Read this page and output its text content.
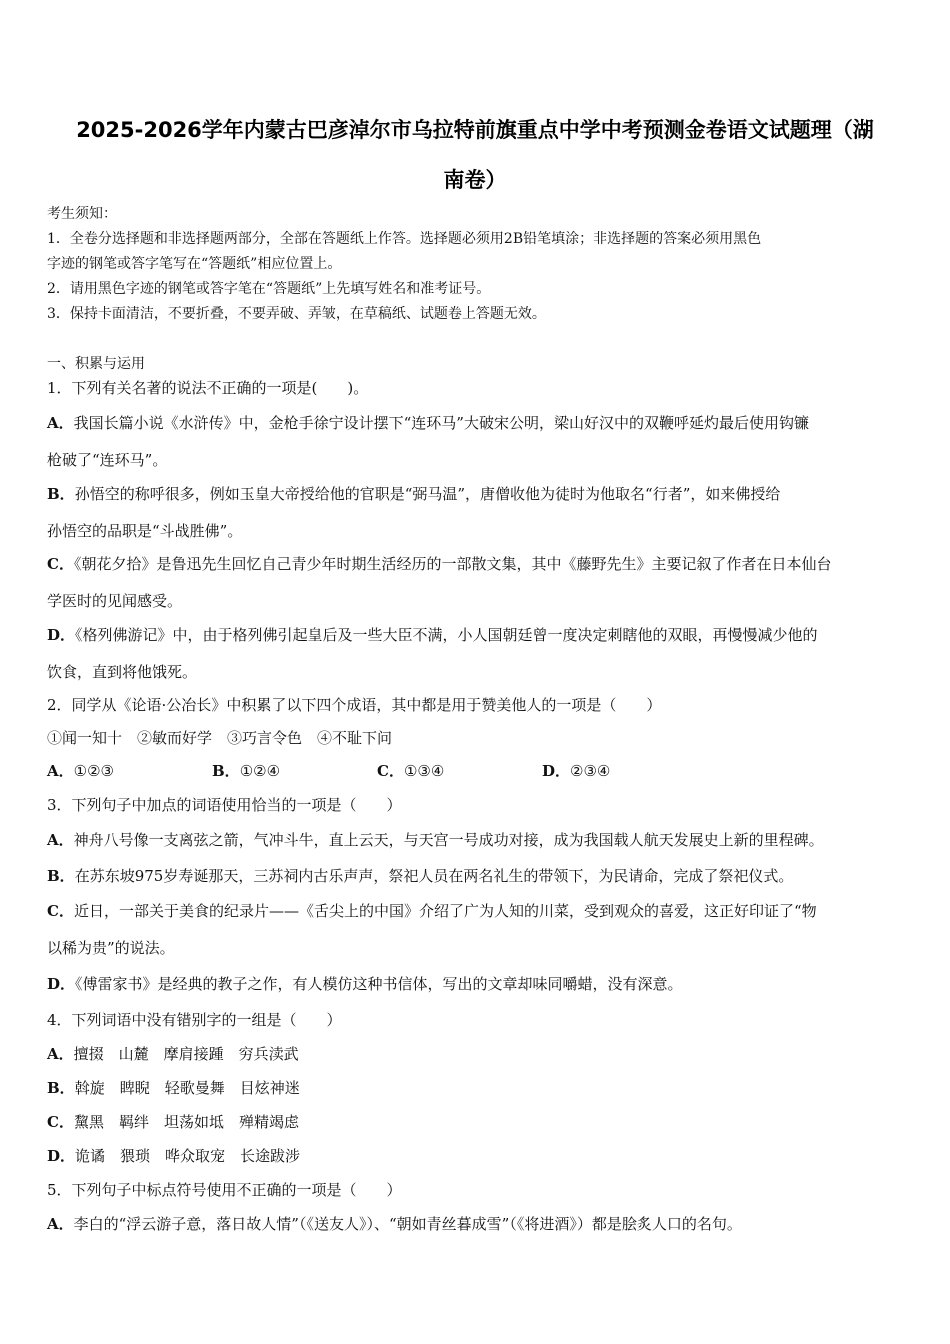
2025-2026学年内蒙古巴彦淖尔市乌拉特前旗重点中学中考预测金卷语文试题理（湖
南卷）
考生须知：
1．全卷分选择题和非选择题两部分，全部在答题纸上作答。选择题必须用2B铅笔填涂；非选择题的答案必须用黑色
字迹的钢笔或答字笔写在“答题纸”相应位置上。
2．请用黑色字迹的钢笔或答字笔在“答题纸”上先填写姓名和准考证号。
3．保持卡面清洁，不要折叠，不要弄破、弄皱，在草稿纸、试题卷上答题无效。
一、积累与运用
1．下列有关名著的说法不正确的一项是(　　)。
A．我国长篇小说《水浒传》中，金枪手徐宁设计摆下“连环马”大破宋公明，梁山好汉中的双鞭呼延灼最后使用钩镰
枪破了“连环马”。
B．孙悟空的称呼很多，例如玉皇大帝授给他的官职是“弼马温”，唐僧收他为徒时为他取名“行者”，如来佛授给
孙悟空的品职是“斗战胜佛”。
C．《朝花夕拾》是鲁迅先生回忆自己青少年时期生活经历的一部散文集，其中《藤野先生》主要记叙了作者在日本仙台
学医时的见闻感受。
D．《格列佛游记》中，由于格列佛引起皇后及一些大臣不满，小人国朝廷曾一度决定刺瞎他的双眼，再慢慢减少他的
饮食，直到将他饿死。
2．同学从《论语·公冶长》中积累了以下四个成语，其中都是用于赞美他人的一项是（　　）
①闻一知十　②敏而好学　③巧言令色　④不耻下问
A．①②③	B．①②④	C．①③④	D．②③④
3．下列句子中加点的词语使用恰当的一项是（　　）
A．神舟八号像一支离弦之箭，气冲斗牛，直上云天，与天宫一号成功对接，成为我国载人航天发展史上新的里程碑。
B．在苏东坡975岁寿诞那天，三苏祠内古乐声声，祭祀人员在两名礼生的带领下，为民请命，完成了祭祀仪式。
C．近日，一部关于美食的纪录片——《舌尖上的中国》介绍了广为人知的川菜，受到观众的喜爱，这正好印证了“物
以稀为贵”的说法。
D．《傅雷家书》是经典的教子之作，有人模仿这种书信体，写出的文章却味同嚼蜡，没有深意。
4．下列词语中没有错别字的一组是（　　）
A．擅掇　山麓　摩肩接踵　穷兵渎武
B．斡旋　睥睨　轻歌曼舞　目炫神迷
C．黧黑　羁绊　坦荡如坻　殚精竭虑
D．诡谲　猥琐　哗众取宠　长途跋涉
5．下列句子中标点符号使用不正确的一项是（　　）
A．李白的“浮云游子意，落日故人情”（《送友人》）、“朝如青丝暮成雪”（《将进酒》）都是脍炙人口的名句。
